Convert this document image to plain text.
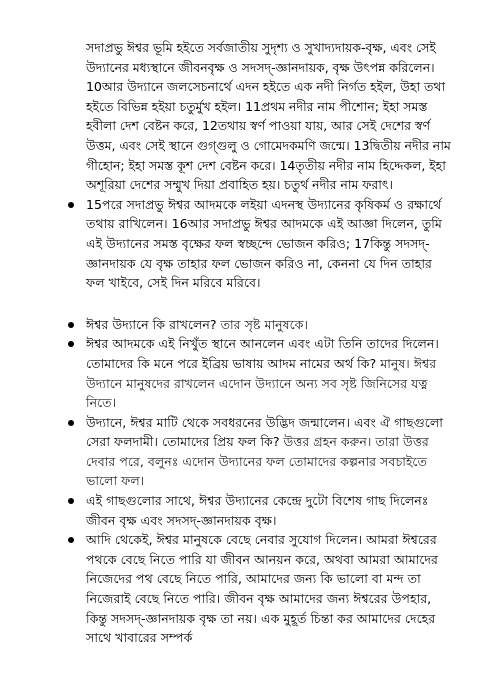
সদাপ্রভু ঈশ্বর ভূমি হইতে সর্বজাতীয় সুদৃশ্য ও সুখাদ্যদায়ক-বৃক্ষ, এবং সেই উদ্যানের মধ্যস্থানে জীবনবৃক্ষ ও সদসদ্‌-জ্ঞানদায়ক, বৃক্ষ উৎপন্ন করিলেন। 10আর উদ্যানে জলসেচনার্থে এদন হইতে এক নদী নির্গত হইল, উহা তথা হইতে বিভিন্ন হইয়া চতুর্মুখ হইল। 11প্রথম নদীর নাম পীশোন; ইহা সমস্ত হবীলা দেশ বেষ্টন করে, 12তথায় স্বর্ণ পাওয়া যায়, আর সেই দেশের স্বর্ণ উত্তম, এবং সেই স্থানে গুগ্‌গুলু ও গোমেদকমণি জন্মে। 13দ্বিতীয় নদীর নাম গীহোন; ইহা সমস্ত কূশ দেশ বেষ্টন করে। 14তৃতীয় নদীর নাম হিদ্দেকল, ইহা অশূরিয়া দেশের সম্মুখ দিয়া প্রবাহিত হয়। চতুর্থ নদীর নাম ফরাৎ।

15পরে সদাপ্রভু ঈশ্বর আদমকে লইয়া এদনস্থ উদ্যানের কৃষিকর্ম ও রক্ষার্থে তথায় রাখিলেন। 16আর সদাপ্রভু ঈশ্বর আদমকে এই আজ্ঞা দিলেন, তুমি এই উদ্যানের সমস্ত বৃক্ষের ফল স্বচ্ছন্দে ভোজন করিও; 17কিন্তু সদসদ্‌-জ্ঞানদায়ক যে বৃক্ষ তাহার ফল ভোজন করিও না, কেননা যে দিন তাহার ফল খাইবে, সেই দিন মরিবে মরিবে।
ঈশ্বর উদ্যানে কি রাখলেন? তার সৃষ্ট মানুষকে।
ঈশ্বর আদমকে এই নিখুঁত স্থানে আনলেন এবং এটা তিনি তাদের দিলেন। তোমাদের কি মনে পরে ইব্রিয় ভাষায় আদম নামের অর্থ কি? মানুষ। ঈশ্বর উদ্যানে মানুষদের রাখলেন এদোন উদ্যানে অন্য সব সৃষ্ট জিনিসের যত্ন নিতে।
উদ্যানে, ঈশ্বর মাটি থেকে সবধরনের উদ্ভিদ জন্মালেন। এবং ঐ গাছগুলো সেরা ফলদামী। তোমাদের প্রিয় ফল কি? উত্তর গ্রহন করুন। তারা উত্তর দেবার পরে, বলুনঃ এদোন উদ্যানের ফল তোমাদের কল্পনার সবচাইতে ভালো ফল।
এই গাছগুলোর সাথে, ঈশ্বর উদ্যানের কেন্দ্রে দুটো বিশেষ গাছ দিলেনঃ জীবন বৃক্ষ এবং সদসদ্‌-জ্ঞানদায়ক বৃক্ষ।
আদি থেকেই, ঈশ্বর মানুষকে বেছে নেবার সুযোগ দিলেন। আমরা ঈশ্বরের পথকে বেছে নিতে পারি যা জীবন আনয়ন করে, অথবা আমরা আমাদের নিজেদের পথ বেছে নিতে পারি, আমাদের জন্য কি ভালো বা মন্দ তা নিজেরাই বেছে নিতে পারি। জীবন বৃক্ষ আমাদের জন্য ঈশ্বরের উপহার, কিন্তু সদসদ্‌-জ্ঞানদায়ক বৃক্ষ তা নয়। এক মুহূর্ত চিন্তা কর আমাদের দেহের সাথে খাবারের সম্পর্ক
